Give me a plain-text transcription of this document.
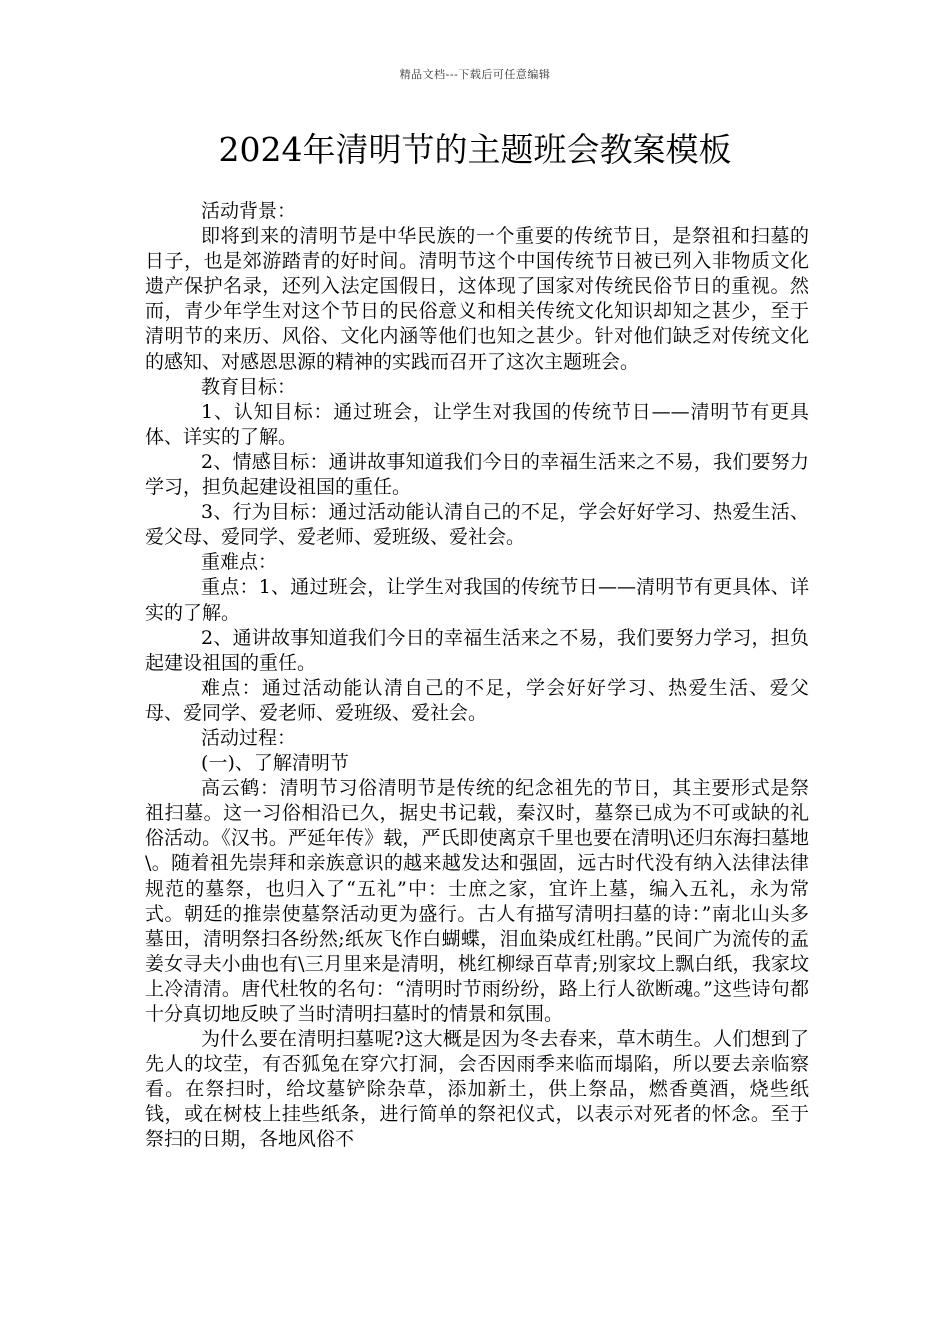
精品文档---下载后可任意编辑
2024年清明节的主题班会教案模板

活动背景：

即将到来的清明节是中华民族的一个重要的传统节日，是祭祖和扫墓的日子，也是郊游踏青的好时间。清明节这个中国传统节日被已列入非物质文化遗产保护名录，还列入法定国假日，这体现了国家对传统民俗节日的重视。然而，青少年学生对这个节日的民俗意义和相关传统文化知识却知之甚少，至于清明节的来历、风俗、文化内涵等他们也知之甚少。针对他们缺乏对传统文化的感知、对感恩思源的精神的实践而召开了这次主题班会。

教育目标：

1、认知目标：通过班会，让学生对我国的传统节日——清明节有更具体、详实的了解。

2、情感目标：通讲故事知道我们今日的幸福生活来之不易，我们要努力学习，担负起建设祖国的重任。

3、行为目标：通过活动能认清自己的不足，学会好好学习、热爱生活、爱父母、爱同学、爱老师、爱班级、爱社会。

重难点：

重点：1、通过班会，让学生对我国的传统节日——清明节有更具体、详实的了解。

2、通讲故事知道我们今日的幸福生活来之不易，我们要努力学习，担负起建设祖国的重任。

难点：通过活动能认清自己的不足，学会好好学习、热爱生活、爱父母、爱同学、爱老师、爱班级、爱社会。

活动过程：

(一)、了解清明节

高云鹤：清明节习俗清明节是传统的纪念祖先的节日，其主要形式是祭祖扫墓。这一习俗相沿已久，据史书记载，秦汉时，墓祭已成为不可或缺的礼俗活动。《汉书。严延年传》载，严氏即使离京千里也要在清明\还归东海扫墓地\。随着祖先崇拜和亲族意识的越来越发达和强固，远古时代没有纳入法律法律规范的墓祭，也归入了“五礼”中：士庶之家，宜许上墓，编入五礼，永为常式。朝廷的推崇使墓祭活动更为盛行。古人有描写清明扫墓的诗：”南北山头多墓田，清明祭扫各纷然;纸灰飞作白蝴蝶，泪血染成红杜鹃。”民间广为流传的孟姜女寻夫小曲也有\三月里来是清明，桃红柳绿百草青;别家坟上飘白纸，我家坟上冷清清。唐代杜牧的名句：“清明时节雨纷纷，路上行人欲断魂。”这些诗句都十分真切地反映了当时清明扫墓时的情景和氛围。

为什么要在清明扫墓呢?这大概是因为冬去春来，草木萌生。人们想到了先人的坟茔，有否狐兔在穿穴打洞，会否因雨季来临而塌陷，所以要去亲临察看。在祭扫时，给坟墓铲除杂草，添加新土，供上祭品，燃香奠酒，烧些纸钱，或在树枝上挂些纸条，进行简单的祭祀仪式，以表示对死者的怀念。至于祭扫的日期，各地风俗不
